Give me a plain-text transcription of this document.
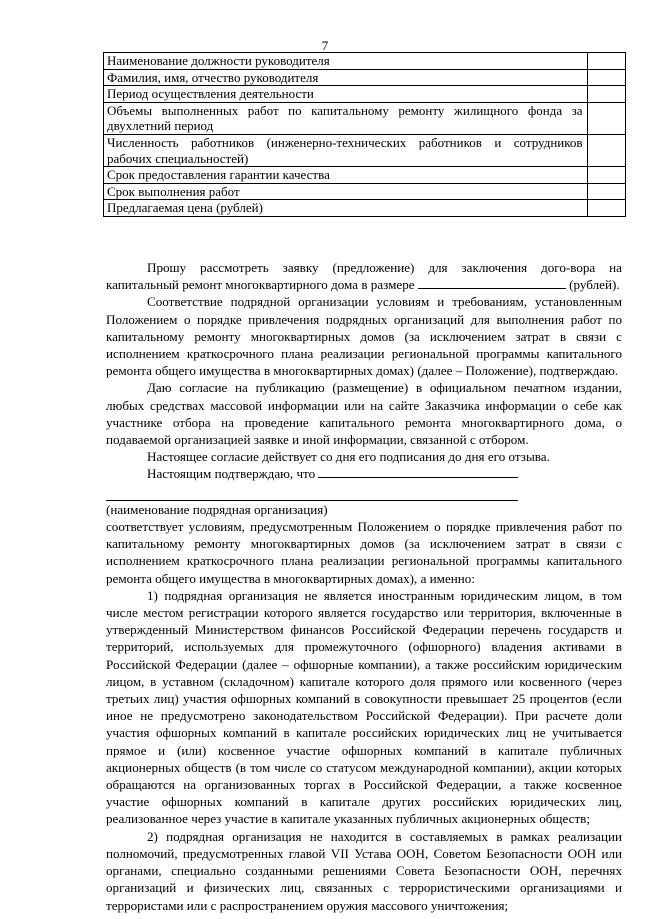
7
Наименование должности руководителя	
Фамилия, имя, отчество руководителя	
Период осуществления деятельности	
Объемы выполненных работ по капитальному ремонту жилищного фонда за двухлетний период	
Численность работников (инженерно-технических работников и сотрудников рабочих специальностей)	
Срок предоставления гарантии качества	
Срок выполнения работ	
Предлагаемая цена (рублей)	

Прошу рассмотреть заявку (предложение) для заключения дого-вора на капитальный ремонт многоквартирного дома в размере	(рублей).

Соответствие подрядной организации условиям и требованиям, установленным Положением о порядке привлечения подрядных организаций для выполнения работ по капитальному ремонту многоквартирных домов (за исключением затрат в связи с исполнением краткосрочного плана реализации региональной программы капитального ремонта общего имущества в многоквартирных домах) (далее – Положение), подтверждаю.

Даю согласие на публикацию (размещение) в официальном печатном издании, любых средствах массовой информации или на сайте Заказчика информации о себе как участнике отбора на проведение капитального ремонта многоквартирного дома, о подаваемой организацией заявке и иной информации, связанной с отбором.

Настоящее согласие действует со дня его подписания до дня его отзыва.

Настоящим подтверждаю, что

(наименование подрядная организация)

соответствует условиям, предусмотренным Положением о порядке привлечения работ по капитальному ремонту многоквартирных домов (за исключением затрат в связи с исполнением краткосрочного плана реализации региональной программы капитального ремонта общего имущества в многоквартирных домах), а именно:

1) подрядная организация не является иностранным юридическим лицом, в том числе местом регистрации которого является государство или территория, включенные в утвержденный Министерством финансов Российской Федерации перечень государств и территорий, используемых для промежуточного (офшорного) владения активами в Российской Федерации (далее – офшорные компании), а также российским юридическим лицом, в уставном (складочном) капитале которого доля прямого или косвенного (через третьих лиц) участия офшорных компаний в совокупности превышает 25 процентов (если иное не предусмотрено законодательством Российской Федерации). При расчете доли участия офшорных компаний в капитале российских юридических лиц не учитывается прямое и (или) косвенное участие офшорных компаний в капитале публичных акционерных обществ (в том числе со статусом международной компании), акции которых обращаются на организованных торгах в Российской Федерации, а также косвенное участие офшорных компаний в капитале других российских юридических лиц, реализованное через участие в капитале указанных публичных акционерных обществ;

2) подрядная организация не находится в составляемых в рамках реализации полномочий, предусмотренных главой VII Устава ООН, Советом Безопасности ООН или органами, специально созданными решениями Совета Безопасности ООН, перечнях организаций и физических лиц, связанных с террористическими организациями и террористами или с распространением оружия массового уничтожения;
